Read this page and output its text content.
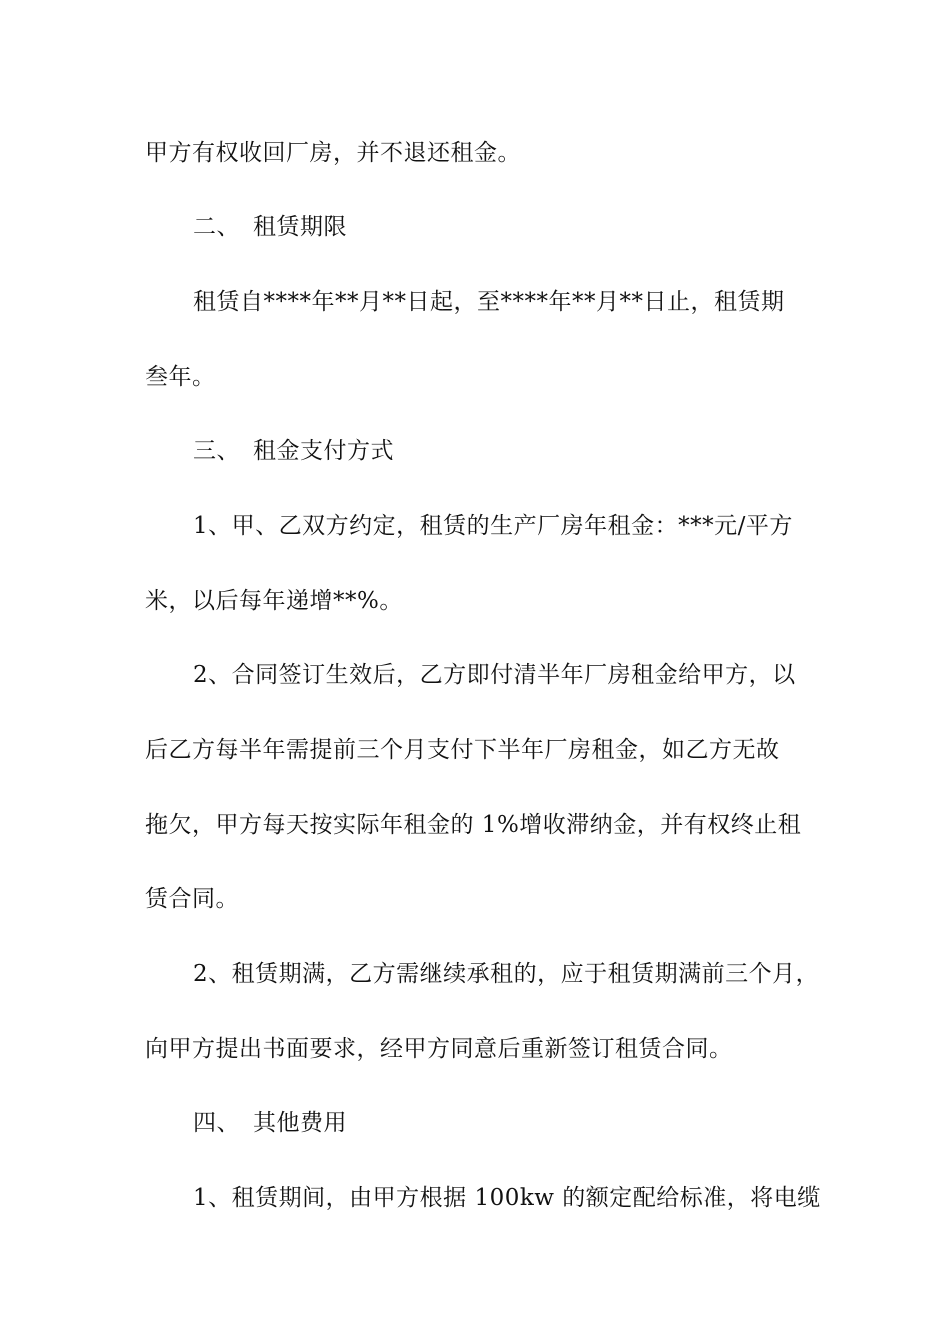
甲方有权收回厂房，并不退还租金。
二、 租赁期限
租赁自****年**月**日起，至****年**月**日止，租赁期
叁年。
三、 租金支付方式
1、甲、乙双方约定，租赁的生产厂房年租金：***元/平方
米，以后每年递增**%。
2、合同签订生效后，乙方即付清半年厂房租金给甲方，以
后乙方每半年需提前三个月支付下半年厂房租金，如乙方无故
拖欠，甲方每天按实际年租金的 1%增收滞纳金，并有权终止租
赁合同。
2、租赁期满，乙方需继续承租的，应于租赁期满前三个月，
向甲方提出书面要求，经甲方同意后重新签订租赁合同。
四、 其他费用
1、租赁期间，由甲方根据 100kw 的额定配给标准，将电缆
